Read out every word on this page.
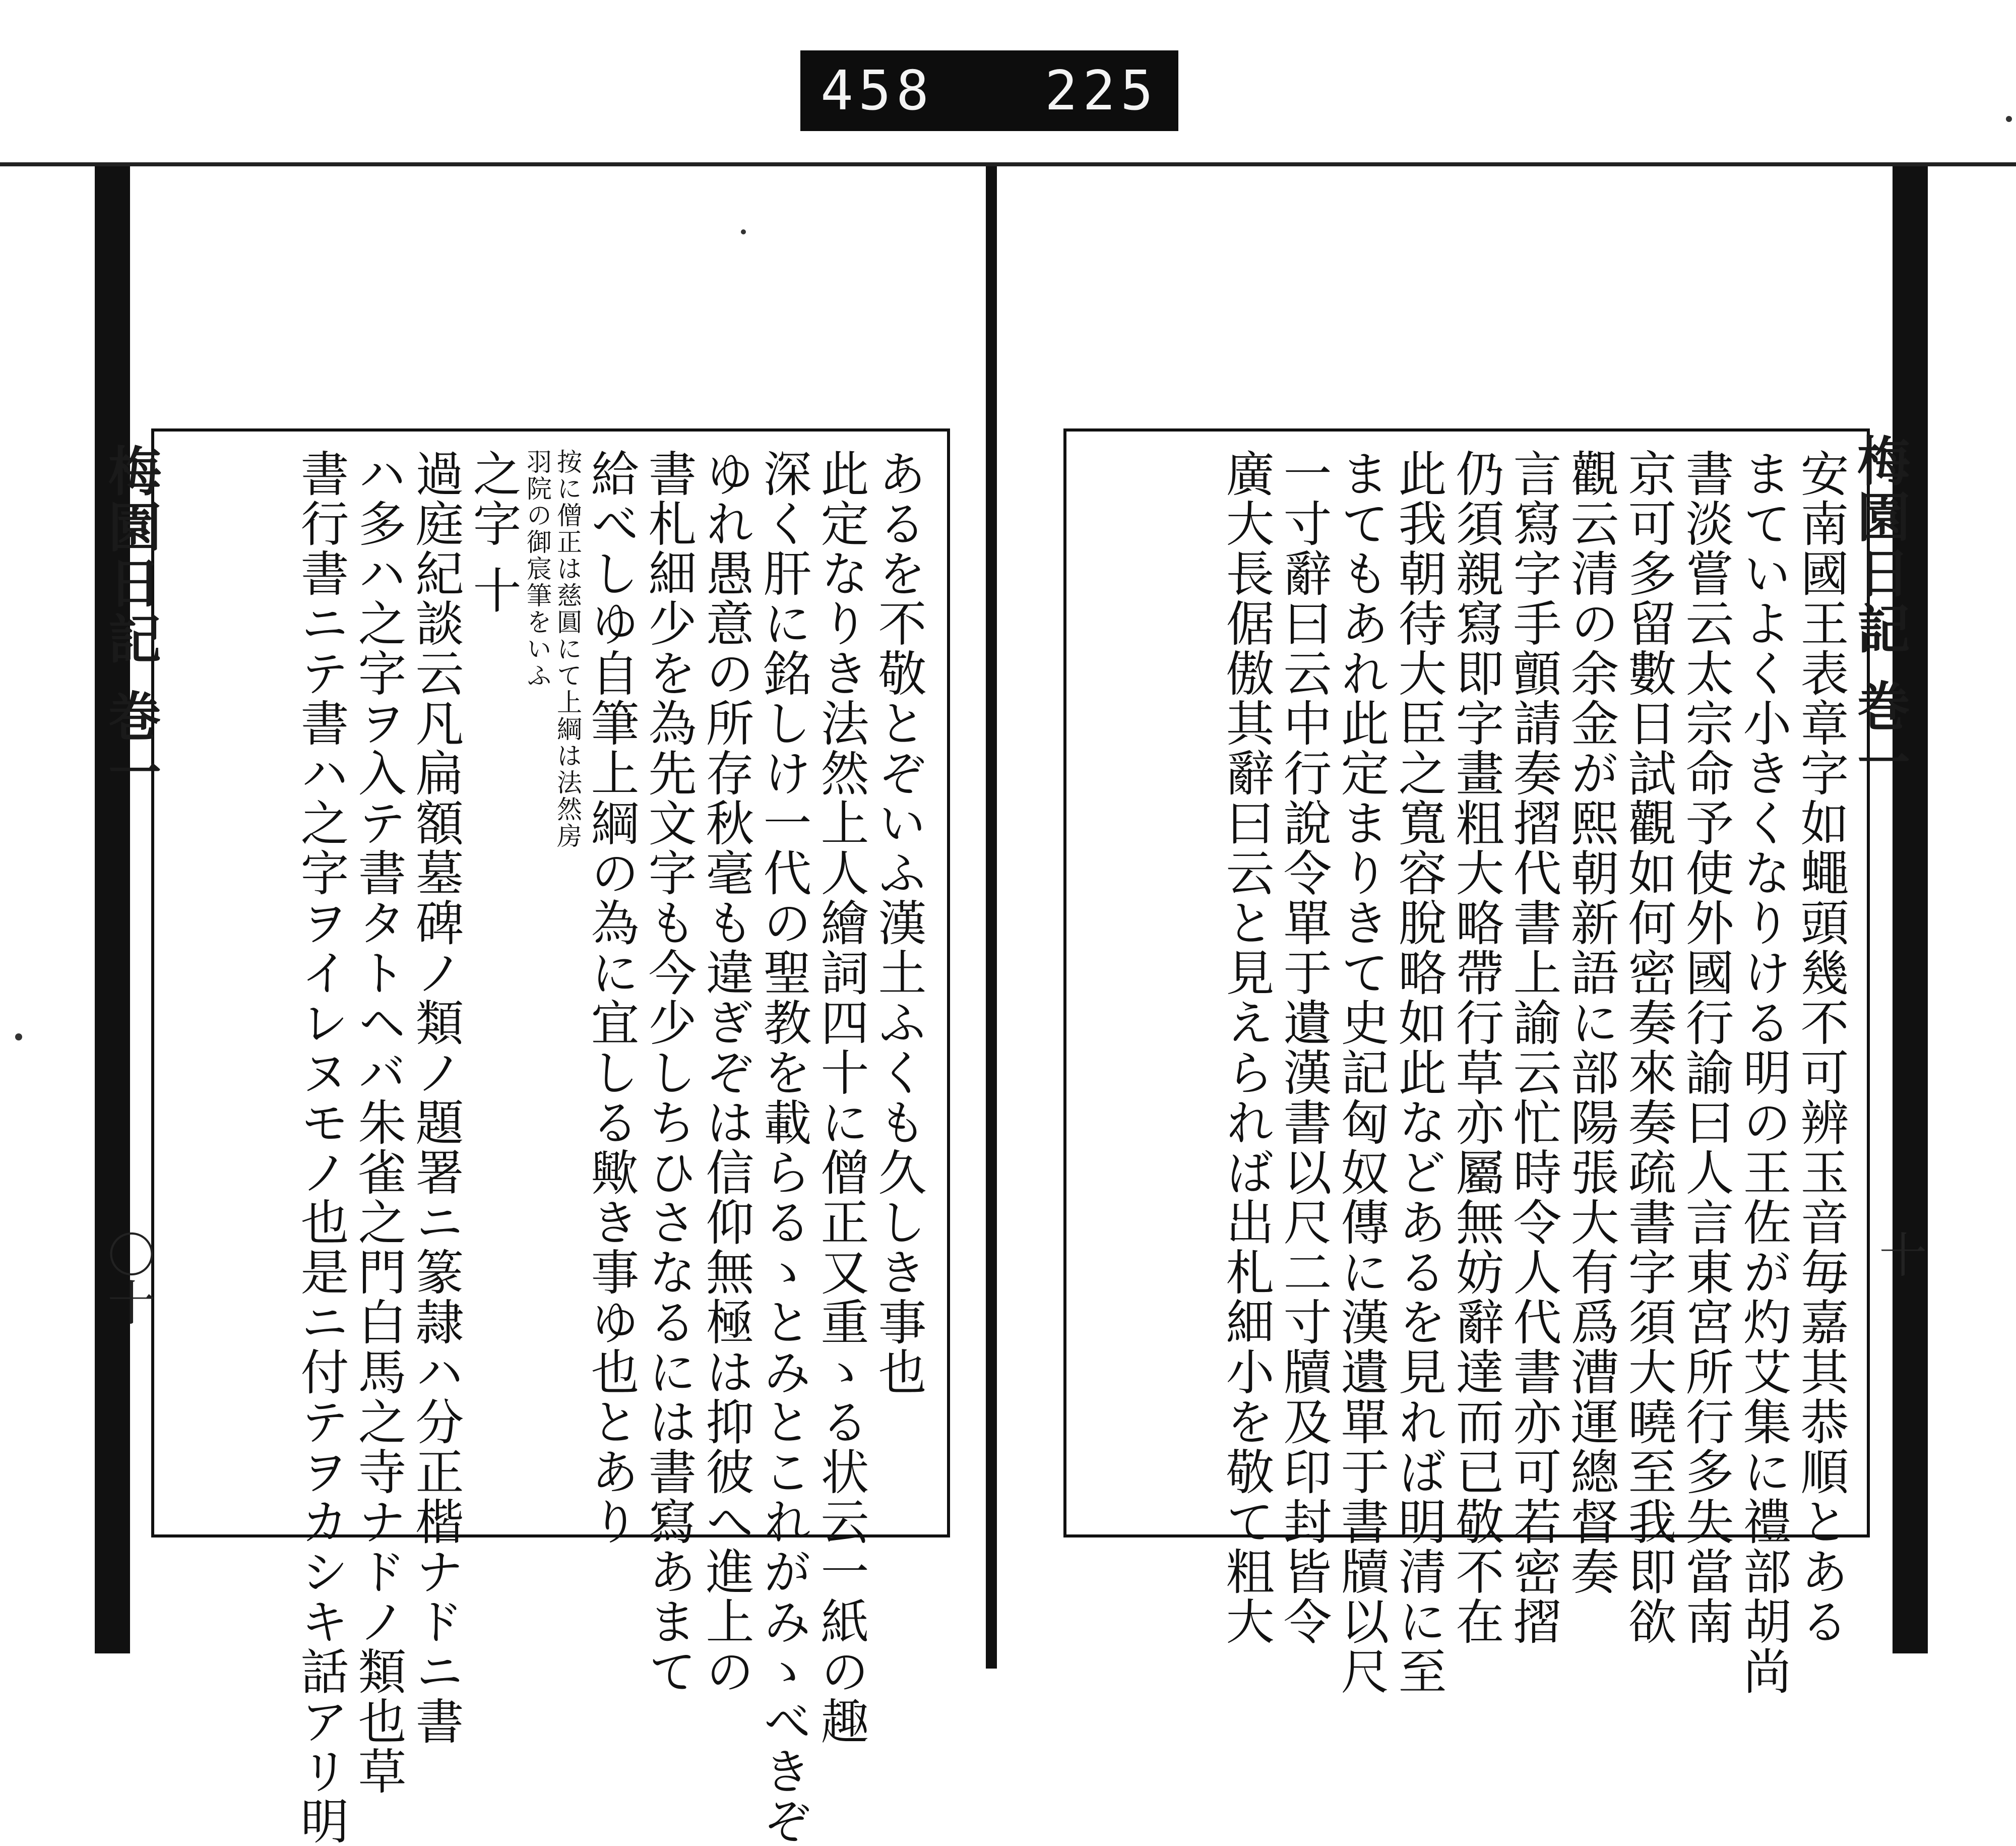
458 225
梅園日記 巻一	梅園日記 巻一
〇十	十
安南國王表章字如蠅頭幾不可辨玉音毎嘉其恭順とある
まていよく小きくなりける明の王佐が灼艾集に禮部胡尚
書淡嘗云太宗命予使外國行諭曰人言東宮所行多失當南
京可多留數日試觀如何密奏來奏疏書字須大曉至我即欲
觀云清の余金が熙朝新語に部陽張大有爲漕運總督奏
言寫字手顫請奏摺代書上諭云忙時令人代書亦可若密摺
仍須親寫即字畫粗大略帶行草亦屬無妨辭達而已敬不在
此我朝待大臣之寬容脫略如此などあるを見れば明清に至
まてもあれ此定まりきて史記匈奴傳に漢遺單于書牘以尺
一寸辭曰云中行說令單于遺漢書以尺二寸牘及印封皆令
廣大長倨傲其辭曰云と見えられば出札細小を敬て粗大
あるを不敬とぞいふ漢土ふくも久しき事也
此定なりき法然上人繪詞四十に僧正又重ゝる状云一紙の趣
深く肝に銘しけ一代の聖教を載らるゝとみとこれがみゝべきぞ
ゆれ愚意の所存秋毫も違ぎぞは信仰無極は抑彼へ進上の
書札細少を為先文字も今少しちひさなるには書寫あまて
給べしゆ自筆上綱の為に宜しる歟き事ゆ也とあり
按に僧正は慈圓にて上綱は法然房
羽院の御宸筆をいふ
之字 十
過庭紀談云凡扁額墓碑ノ類ノ題署ニ篆隷ハ分正楷ナドニ書
ハ多ハ之字ヲ入テ書タトヘバ朱雀之門白馬之寺ナドノ類也草
書行書ニテ書ハ之字ヲイレヌモノ也是ニ付テヲカシキ話アリ明
